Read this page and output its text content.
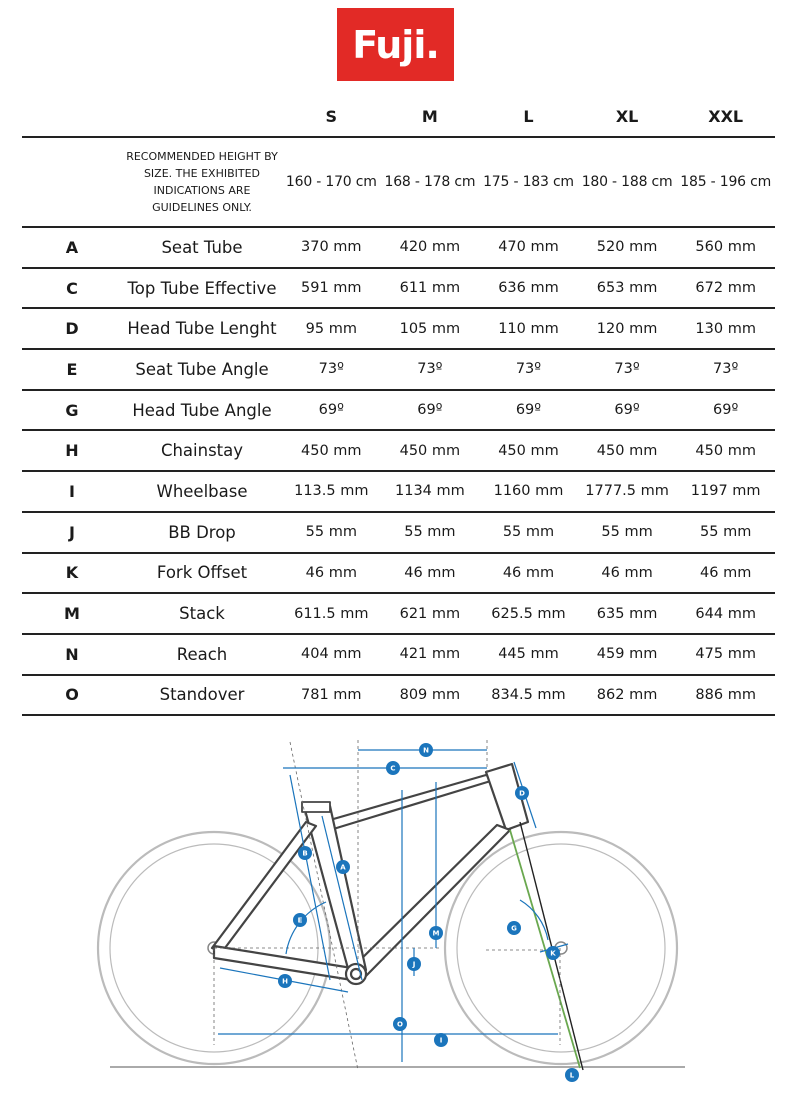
Fuji.
		S	M	L	XL	XXL
	RECOMMENDED HEIGHT BY SIZE. THE EXHIBITED INDICATIONS ARE GUIDELINES ONLY.	160 - 170 cm	168 - 178 cm	175 - 183 cm	180 - 188 cm	185 - 196 cm
A	Seat Tube	370 mm	420 mm	470 mm	520 mm	560 mm
C	Top Tube Effective	591 mm	611 mm	636 mm	653 mm	672 mm
D	Head Tube Lenght	95 mm	105 mm	110 mm	120 mm	130 mm
E	Seat Tube Angle	73º	73º	73º	73º	73º
G	Head Tube Angle	69º	69º	69º	69º	69º
H	Chainstay	450 mm	450 mm	450 mm	450 mm	450 mm
I	Wheelbase	113.5 mm	1134 mm	1160 mm	1777.5 mm	1197 mm
J	BB Drop	55 mm	55 mm	55 mm	55 mm	55 mm
K	Fork Offset	46 mm	46 mm	46 mm	46 mm	46 mm
M	Stack	611.5 mm	621 mm	625.5 mm	635 mm	644 mm
N	Reach	404 mm	421 mm	445 mm	459 mm	475 mm
O	Standover	781 mm	809 mm	834.5 mm	862 mm	886 mm
N
C
D
B
A
E
M
J
G
K
H
O
I
L
